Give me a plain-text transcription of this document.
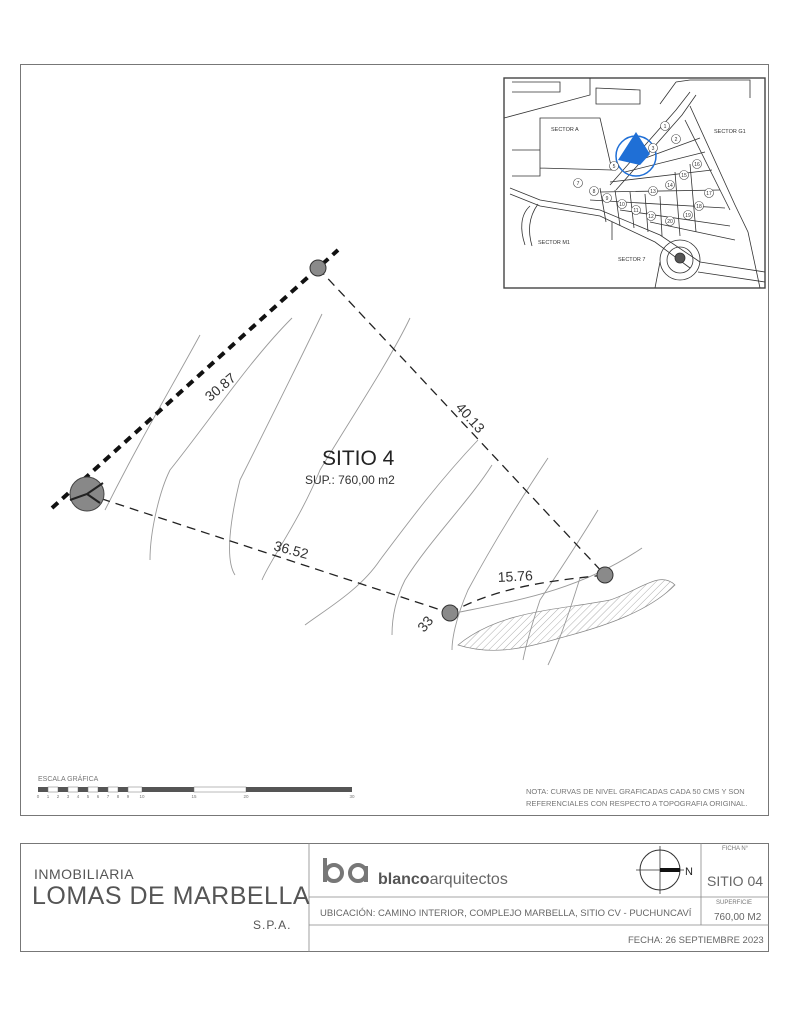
30.87
40.13
36.52
15.76
33
SITIO 4
SUP.: 760,00 m2
SECTOR A	SECTOR G1
SECTOR M1
SECTOR 7
1
2
3
5
7
8
9
10
11
12
13
14
15
16
17
18
19
20
0 1 2 3 4 5 6 7 8 9 10	15	20	30
N
ESCALA GRÁFICA
NOTA: CURVAS DE NIVEL GRAFICADAS CADA 50 CMS Y SON REFERENCIALES CON RESPECTO A TOPOGRAFIA ORIGINAL.
INMOBILIARIA
LOMAS DE MARBELLA
S.P.A.
blancoarquitectos
UBICACIÓN: CAMINO INTERIOR, COMPLEJO MARBELLA, SITIO CV - PUCHUNCAVÍ
FECHA: 26 SEPTIEMBRE 2023
FICHA N°
SITIO 04
SUPERFICIE
760,00 M2
